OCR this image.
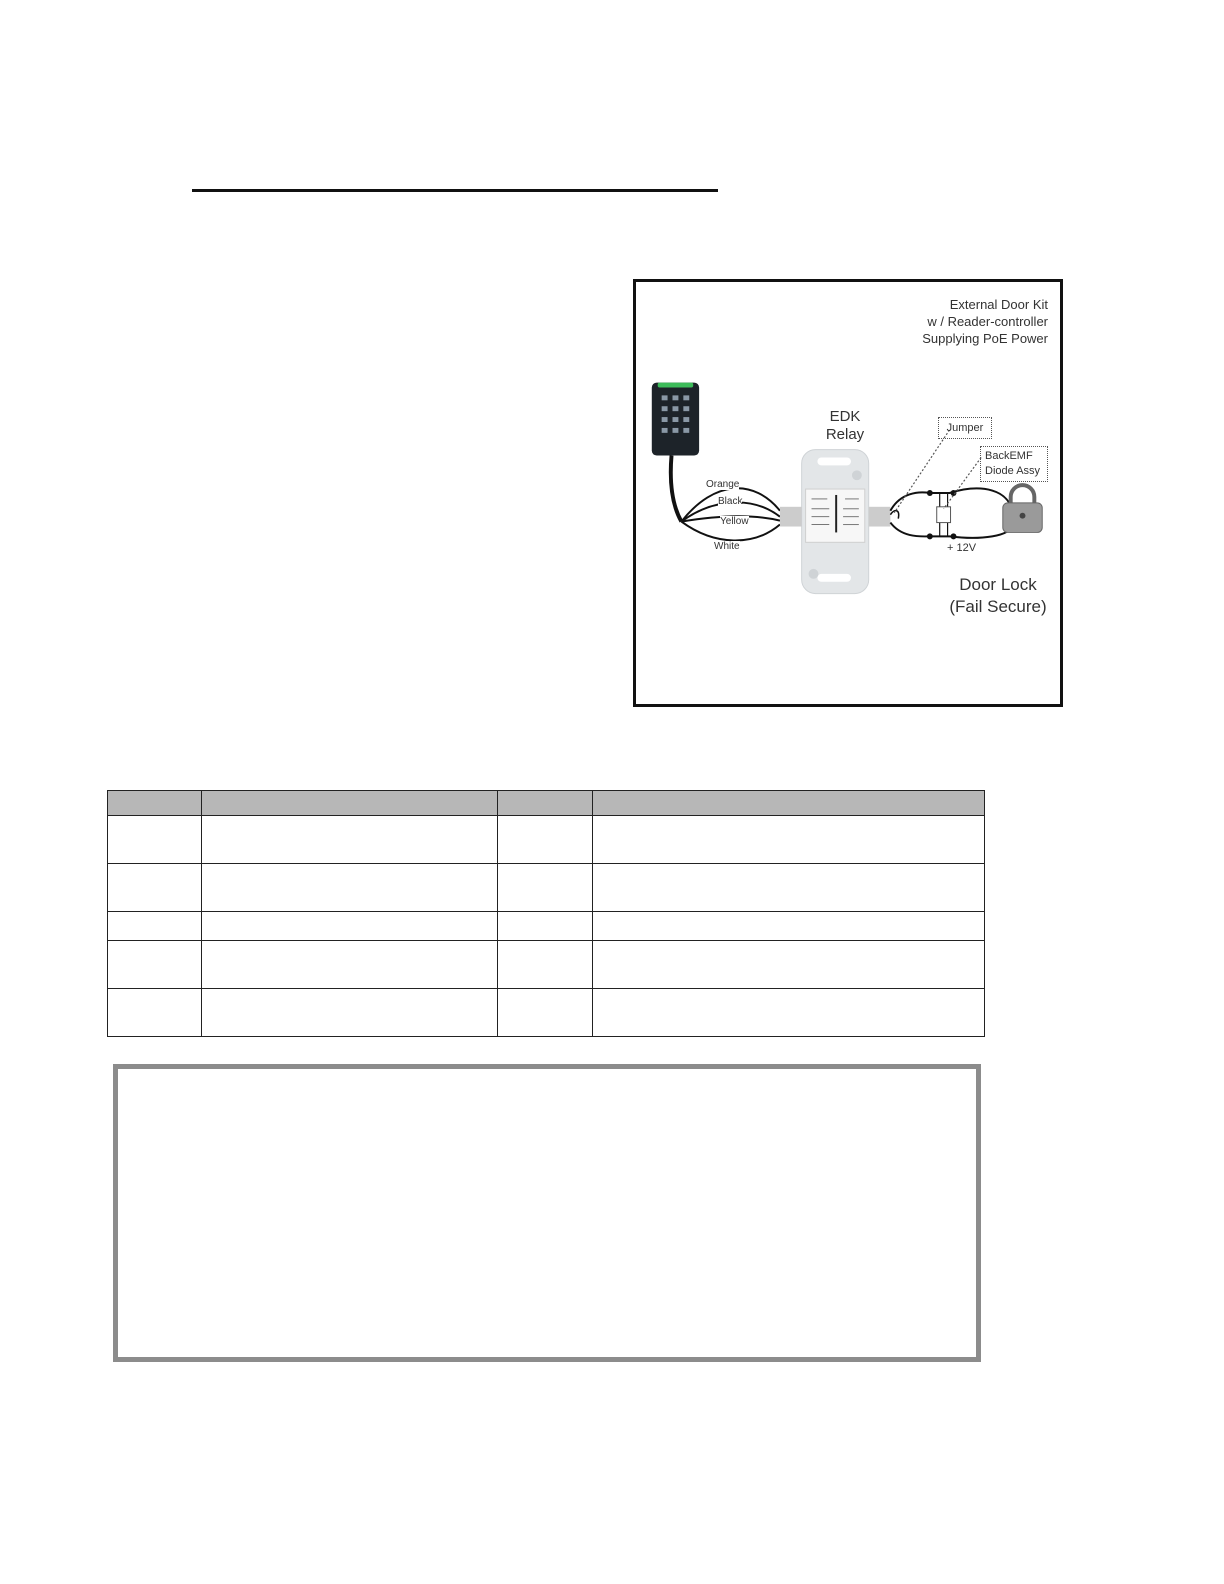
External Door Kit
w / Reader-controller
Supplying PoE Power
EDK
Relay	Jumper
BackEMF
Diode Assy
Orange
Black
Yellow
White	+ 12V
Door Lock
(Fail Secure)
